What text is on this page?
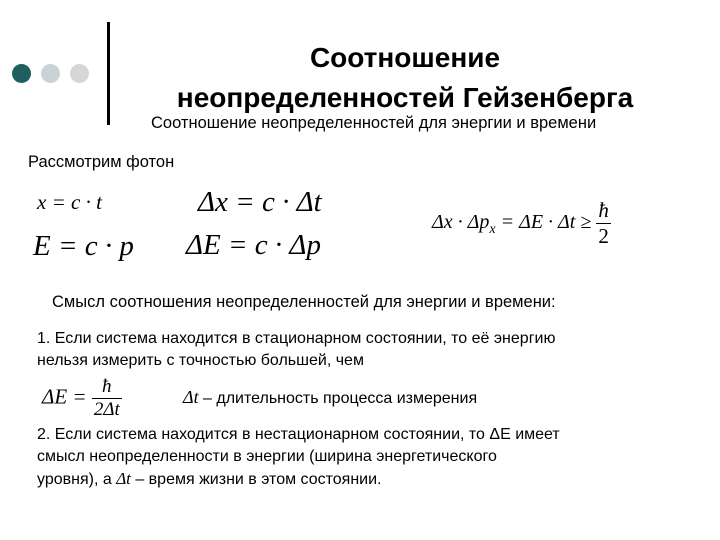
Соотношение
неопределенностей Гейзенберга
Соотношение неопределенностей для энергии и времени
Рассмотрим фотон
x = c · t
E = c · p
Δx = c · Δt
ΔE = c · Δp
$\Delta x \cdot \Delta p_x = \Delta E \cdot \Delta t \ge \frac{ħ}{2}$
Смысл соотношения неопределенностей для энергии и времени:
1. Если система находится в стационарном состоянии, то её энергию
нельзя измерить с точностью большей, чем
$\Delta E = \frac{ħ}{2\Delta t}$	Δt – длительность процесса измерения
2. Если система находится в нестационарном состоянии, то ΔE имеет
смысл неопределенности в энергии (ширина энергетического
уровня), а Δt – время жизни в этом состоянии.
